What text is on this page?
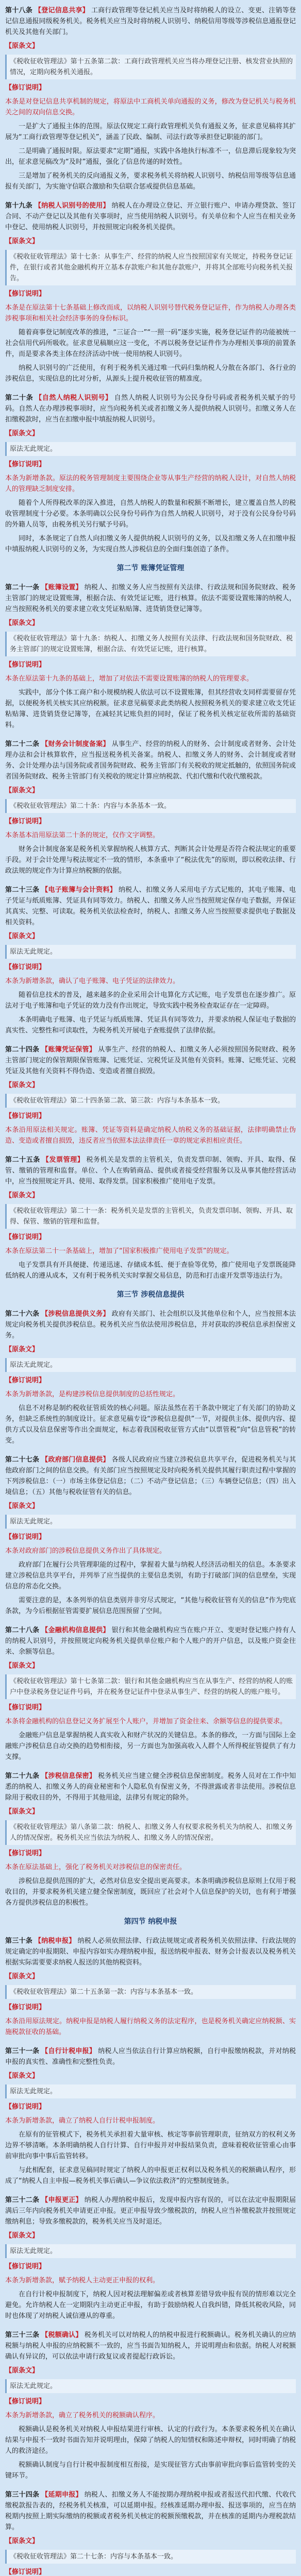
第十八条 【登记信息共享】 工商行政管理等登记机关应当及时将纳税人的设立、变更、注销等登记信息通报同级税务机关。税务机关应当及时将纳税人识别号、纳税信用等级等涉税信息通报登记机关及其他有关部门。

【原条文】

《税收征收管理法》第十五条第二款：工商行政管理机关应当将办理登记注册、核发营业执照的情况，定期向税务机关通报。

【修订说明】

本条是对登记信息共享机制的规定，将原法中工商机关单向通报的义务，修改为登记机关与税务机关之间的双向信息交换。

一是扩大了通报主体的范围。原法仅规定工商行政管理机关负有通报义务，征求意见稿将其扩展为“工商行政管理等登记机关”，涵盖了民政、编制、司法行政等承担登记职能的部门。

二是明确了通报时限。原法要求“定期”通报，实践中各地执行标准不一，信息滞后现象较为突出，征求意见稿改为“及时”通报，强化了信息传递的时效性。

三是增加了税务机关的反向通报义务，要求税务机关将纳税人识别号、纳税信用等级等信息通报有关部门，为实施守信联合激励和失信联合惩戒提供信息基础。

第十九条 【纳税人识别号的使用】 纳税人在办理设立登记、开立银行账户、申请办理贷款、签订合同、不动产登记以及其他有关事项时，应当使用纳税人识别号。有关单位和个人应当在相关业务中登记、使用纳税人识别号，并按照规定向税务机关提供。

【原条文】

《税收征收管理法》第十七条：从事生产、经营的纳税人应当按照国家有关规定，持税务登记证件，在银行或者其他金融机构开立基本存款账户和其他存款账户，并将其全部账号向税务机关报告。

【修订说明】

本条是在原法第十七条基础上修改而成，以纳税人识别号替代税务登记证件，作为纳税人办理各类涉税事项和相关社会经济事务的身份标识。

随着商事登记制度改革的推进，“三证合一”“一照一码”逐步实施，税务登记证件的功能被统一社会信用代码所吸收。征求意见稿顺应这一变化，不再以税务登记证件作为办理相关事项的前置条件，而是要求各类主体在经济活动中统一使用纳税人识别号。

纳税人识别号的广泛使用，有利于税务机关通过唯一代码归集纳税人分散在各部门、各行业的涉税信息，实现信息的比对分析，从源头上提升税收征管的精准度。

第二十条 【自然人纳税人识别号】 自然人纳税人识别号为公民身份号码或者税务机关赋予的号码。自然人在办理涉税事项时，应当向税务机关或者扣缴义务人提供纳税人识别号。扣缴义务人在扣缴税款时，应当在扣缴申报中填报纳税人识别号。

【原条文】

原法无此规定。

【修订说明】

本条为新增条款。原法的税务管理制度主要围绕企业等从事生产经营的纳税人设计，对自然人纳税人的管理缺乏制度安排。

随着个人所得税改革的深入推进，自然人纳税人的数量和税额不断增长，建立覆盖自然人的税收管理制度十分必要。本条明确以公民身份号码作为自然人纳税人识别号，对于没有公民身份号码的外籍人员等，由税务机关另行赋予号码。

同时，本条规定了自然人向扣缴义务人提供纳税人识别号的义务，以及扣缴义务人在扣缴申报中填报纳税人识别号的义务，为实现自然人涉税信息的全面归集创造了条件。

第二节 账簿凭证管理

第二十一条 【账簿设置】 纳税人、扣缴义务人应当按照有关法律、行政法规和国务院财政、税务主管部门的规定设置账簿，根据合法、有效凭证记账，进行核算。依法不需要设置账簿的纳税人，应当按照税务机关的要求建立收支凭证粘贴簿、进货销货登记簿等。

【原条文】

《税收征收管理法》第十九条：纳税人、扣缴义务人按照有关法律、行政法规和国务院财政、税务主管部门的规定设置账簿，根据合法、有效凭证记账，进行核算。

【修订说明】

本条在原法第十九条的基础上，增加了对依法不需要设置账簿的纳税人的管理要求。

实践中，部分个体工商户和小规模纳税人依法可以不设置账簿，但其经营收支同样需要留存凭据，以便税务机关核实其应纳税额。征求意见稿要求此类纳税人按照税务机关的要求建立收支凭证粘贴簿、进货销货登记簿等，在减轻其记账负担的同时，保证了税务机关核定征收所需的基础资料。

第二十二条 【财务会计制度备案】 从事生产、经营的纳税人的财务、会计制度或者财务、会计处理办法和会计核算软件，应当报送税务机关备案。纳税人、扣缴义务人的财务、会计制度或者财务、会计处理办法与国务院或者国务院财政、税务主管部门有关税收的规定抵触的，依照国务院或者国务院财政、税务主管部门有关税收的规定计算应纳税款、代扣代缴和代收代缴税款。

【原条文】

《税收征收管理法》第二十条：内容与本条基本一致。

【修订说明】

本条基本沿用原法第二十条的规定，仅作文字调整。

财务会计制度备案是税务机关掌握纳税人核算方式、判断其会计处理是否符合税法规定的重要手段。对于会计处理与税法规定不一致的情形，本条重申了“税法优先”的原则，即以税收法律、行政法规的规定作为计算应纳税额的依据。

第二十三条 【电子账簿与会计资料】 纳税人、扣缴义务人采用电子方式记账的，其电子账簿、电子凭证与纸质账簿、凭证具有同等效力。纳税人、扣缴义务人应当按照规定保存电子数据，并保证其真实、完整、可读取。税务机关依法检查时，纳税人、扣缴义务人应当按照要求提供电子数据及相关资料。

【原条文】

原法无此规定。

【修订说明】

本条为新增条款，确认了电子账簿、电子凭证的法律效力。

随着信息技术的普及，越来越多的企业采用会计电算化方式记账，电子发票也在逐步推广。原法对于电子账簿和电子凭证的效力没有作出规定，导致实践中税务检查取证存在一定障碍。

本条明确电子账簿、电子凭证与纸质账簿、凭证具有同等效力，并要求纳税人保证电子数据的真实性、完整性和可读取性，为税务机关开展电子查账提供了法律依据。

第二十四条 【账簿凭证保管】 从事生产、经营的纳税人、扣缴义务人必须按照国务院财政、税务主管部门规定的保管期限保管账簿、记账凭证、完税凭证及其他有关资料。账簿、记账凭证、完税凭证及其他有关资料不得伪造、变造或者擅自损毁。

【原条文】

《税收征收管理法》第二十四条第二款、第三款：内容与本条基本一致。

【修订说明】

本条沿用原法相关规定。账簿、凭证等资料是确定纳税人纳税义务的基础证据，法律明确禁止伪造、变造或者擅自损毁，违反者应当依照本法法律责任一章的规定承担相应责任。

第二十五条 【发票管理】 税务机关是发票的主管机关，负责发票印制、领购、开具、取得、保管、缴销的管理和监督。单位、个人在购销商品、提供或者接受经营服务以及从事其他经营活动中，应当按照规定开具、使用、取得发票。国家积极推广使用电子发票。

【原条文】

《税收征收管理法》第二十一条：税务机关是发票的主管机关，负责发票印制、领购、开具、取得、保管、缴销的管理和监督。

【修订说明】

本条在原法第二十一条基础上，增加了“国家积极推广使用电子发票”的规定。

电子发票具有开具便捷、传递迅速、存储成本低、便于查验等优势，推广使用电子发票既能降低纳税人的遵从成本，又有利于税务机关实时掌握交易信息，防范和打击虚开发票等违法行为。

第三节 涉税信息提供

第二十六条 【涉税信息提供义务】 政府有关部门、社会组织以及其他单位和个人，应当按照本法规定向税务机关提供涉税信息。税务机关应当依法使用涉税信息，并对获取的涉税信息承担保密义务。

【原条文】

原法无此规定。

【修订说明】

本条为新增条款，是构建涉税信息提供制度的总括性规定。

信息不对称是制约税收征管质效的核心问题。原法虽然在若干条款中规定了有关部门的协助义务，但缺乏系统性的制度设计。征求意见稿专设“涉税信息提供”一节，对提供主体、提供内容、提供方式以及信息保密等作出全面规定，标志着我国税收征管方式由“以票管税”向“信息管税”的转变。

第二十七条 【政府部门信息提供】 各级人民政府应当建立涉税信息共享平台，促进税务机关与其他政府部门之间的信息交换。有关部门应当按照规定及时向税务机关提供其履行职责过程中掌握的下列涉税信息：（一）市场主体登记信息；（二）不动产登记信息；（三）车辆登记信息；（四）出入境信息；（五）其他与税收征管有关的信息。

【原条文】

原法无此规定。

【修订说明】

本条对政府部门的涉税信息提供义务作出了具体规定。

政府部门在履行公共管理职能的过程中，掌握着大量与纳税人经济活动相关的信息。本条要求建立涉税信息共享平台，并列举了应当提供的主要信息类别，有助于打破部门间的信息壁垒，实现信息的常态化交换。

需要注意的是，本条列举的信息类别并非穷尽式规定，“其他与税收征管有关的信息”作为兜底条款，为今后根据征管需要扩展信息范围预留了空间。

第二十八条 【金融机构信息提供】 银行和其他金融机构应当在账户开立、变更时登记账户持有人的纳税人识别号，并按照规定向税务机关提供单位账户和个人账户的开户信息，以及账户资金往来、余额等信息。

【原条文】

《税收征收管理法》第十七条第二款：银行和其他金融机构应当在从事生产、经营的纳税人的账户中登录税务登记证件号码，并在税务登记证件中登录从事生产、经营的纳税人的账户账号。

【修订说明】

本条将金融机构的信息登记义务扩展至个人账户，并增加了资金往来、余额等信息的提供要求。

金融账户信息是掌握纳税人真实收入和财产状况的关键信息。本条的修改，一方面与国际上金融账户涉税信息自动交换的趋势相衔接，另一方面也为加强高收入人群个人所得税征管提供了有力支撑。

第二十九条 【涉税信息保密】 税务机关应当建立健全涉税信息保密制度。税务人员对在工作中知悉的纳税人、扣缴义务人的商业秘密和个人隐私负有保密义务，不得泄露或者非法使用。涉税信息除用于税收目的外，不得用于其他用途，法律另有规定的除外。

【原条文】

《税收征收管理法》第八条第二款：纳税人、扣缴义务人有权要求税务机关为纳税人、扣缴义务人的情况保密。税务机关应当依法为纳税人、扣缴义务人的情况保密。

【修订说明】

本条在原法基础上，强化了税务机关对涉税信息的保密责任。

涉税信息提供范围的扩大，必然对信息安全提出更高要求。本条明确涉税信息原则上仅用于税收目的，并要求税务机关建立健全保密制度，既回应了社会对个人信息保护的关切，也有利于增强各方提供涉税信息的积极性。

第四节 纳税申报

第三十条 【纳税申报】 纳税人必须依照法律、行政法规规定或者税务机关依照法律、行政法规的规定确定的申报期限、申报内容如实办理纳税申报，报送纳税申报表、财务会计报表以及税务机关根据实际需要要求纳税人报送的其他纳税资料。

【原条文】

《税收征收管理法》第二十五条第一款：内容与本条基本一致。

【修订说明】

本条沿用原法规定。纳税申报是纳税人履行纳税义务的法定程序，也是税务机关确定应纳税额、实施税款征收的基础。

第三十一条 【自行计税申报】 纳税人应当依法自行计算应纳税额，自行申报缴纳税款，并对纳税申报的真实性、准确性和完整性负责。

【原条文】

原法无此规定。

【修订说明】

本条为新增条款，确立了纳税人自行计税申报制度。

在原有的征管模式下，税务机关承担着大量审核、核定等事前管理职责，征纳双方的权利义务边界不够清晰。本条明确纳税人自行计算、自行申报并对申报结果负责，意味着税收征管重心由事前审批向事中事后监管转移。

与此相配套，征求意见稿同时规定了纳税人的申报更正权利以及税务机关的税额确认程序，形成了“纳税人自主申报—税务机关事后确认—争议依法救济”的完整制度链条。

第三十二条 【申报更正】 纳税人办理纳税申报后，发现申报内容有误的，可以在法定申报期限届满后三年内向税务机关申请更正申报。更正申报导致少缴税款的，纳税人应当补缴税款并按照规定缴纳利息；导致多缴税款的，税务机关应当及时退还。

【原条文】

原法无此规定。

【修订说明】

本条为新增条款，赋予纳税人主动更正申报的权利。

在自行计税申报制度下，纳税人因对税法理解偏差或者核算差错导致申报有误的情形难以完全避免。允许纳税人在一定期限内主动更正申报，有助于鼓励纳税人自我纠错，降低其税收风险，同时也体现了对纳税人诚信遵从的尊重。

第三十三条 【税额确认】 税务机关可以对纳税人的纳税申报进行税额确认。税务机关确认的应纳税额与纳税人申报的应纳税额不一致的，应当书面告知纳税人，并说明理由和依据。纳税人对税额确认有异议的，可以依法申请行政复议或者提起行政诉讼。

【原条文】

原法无此规定。

【修订说明】

本条为新增条款，确立了税务机关的税额确认程序。

税额确认是税务机关对纳税人申报结果进行审核、认定的行政行为。本条要求税务机关在确认结果与申报不一致时书面告知并说明理由，保障了纳税人的知情权和陈述申辩权，同时明确了纳税人的救济途径。

税额确认制度与自行计税申报制度相互衔接，是实现征管方式由事前审批向事后监管转变的关键环节。

第三十四条 【延期申报】 纳税人、扣缴义务人不能按期办理纳税申报或者报送代扣代缴、代收代缴税款报告表的，经税务机关核准，可以延期申报。经核准延期办理申报、报送事项的，应当在纳税期内按照上期实际缴纳的税额或者税务机关核定的税额预缴税款，并在核准的延期内办理税款结算。

【原条文】

《税收征收管理法》第二十七条：内容与本条基本一致。

【修订说明】
